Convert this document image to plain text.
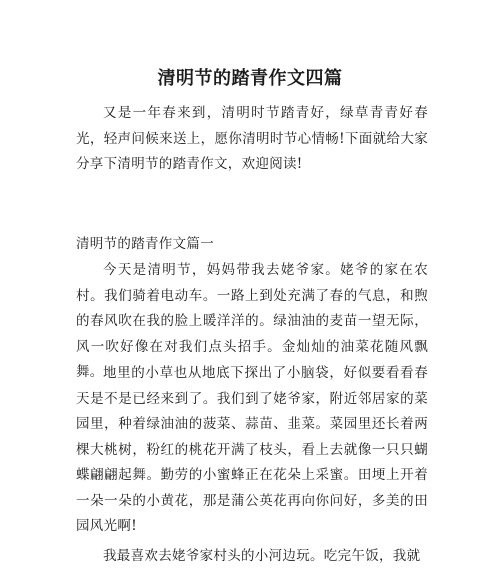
清明节的踏青作文四篇

又是一年春来到，清明时节踏青好，绿草青青好春光，轻声问候来送上，愿你清明时节心情畅!下面就给大家分享下清明节的踏青作文，欢迎阅读!

清明节的踏青作文篇一

今天是清明节，妈妈带我去姥爷家。姥爷的家在农村。我们骑着电动车。一路上到处充满了春的气息，和煦的春风吹在我的脸上暖洋洋的。绿油油的麦苗一望无际，风一吹好像在对我们点头招手。金灿灿的油菜花随风飘舞。 地里的小草也从地底下探出了小脑袋，好似要看看春天是不是已经来到了。我们到了姥爷家，附近邻居家的菜园里，种着绿油油的菠菜、蒜苗、韭菜。菜园里还长着两棵大桃树，粉红的桃花开满了枝头，看上去就像一只只蝴蝶翩翩起舞。勤劳的小蜜蜂正在花朵上采蜜。田埂上开着一朵一朵的小黄花，那是蒲公英花再向你问好，多美的田园风光啊!

我最喜欢去姥爷家村头的小河边玩。吃完午饭，我就
